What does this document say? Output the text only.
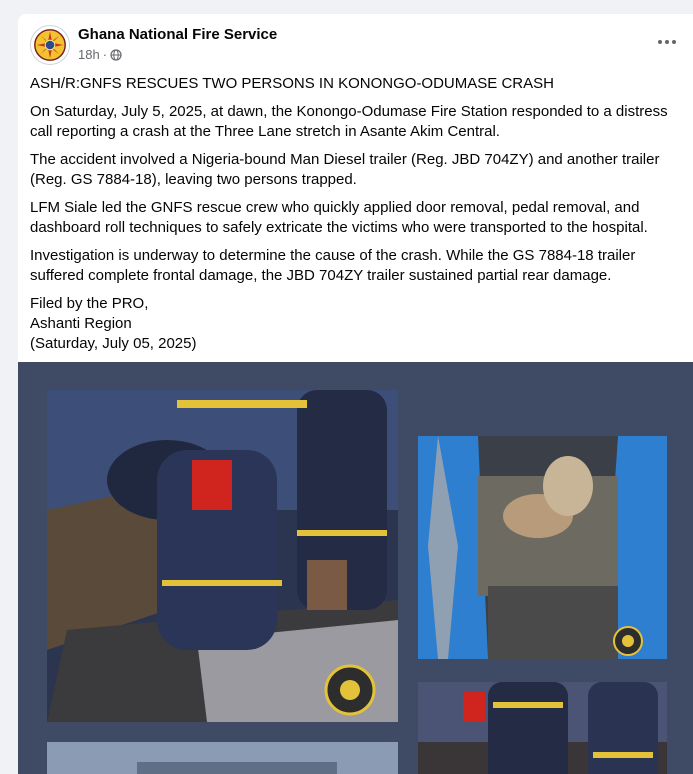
Ghana National Fire Service
18h ·

ASH/R:GNFS RESCUES TWO PERSONS IN KONONGO-ODUMASE CRASH

On Saturday, July 5, 2025, at dawn, the Konongo-Odumase Fire Station responded to a distress call reporting a crash at the Three Lane stretch in Asante Akim Central.

The accident involved a Nigeria-bound Man Diesel trailer (Reg. JBD 704ZY) and another trailer (Reg. GS 7884-18), leaving two persons trapped.

LFM Siale led the GNFS rescue crew who quickly applied door removal, pedal removal, and dashboard roll techniques to safely extricate the victims who were transported to the hospital.

Investigation is underway to determine the cause of the crash. While the GS 7884-18 trailer suffered complete frontal damage, the JBD 704ZY trailer sustained partial rear damage.

Filed by the PRO,

Ashanti Region

(Saturday, July 05, 2025)
